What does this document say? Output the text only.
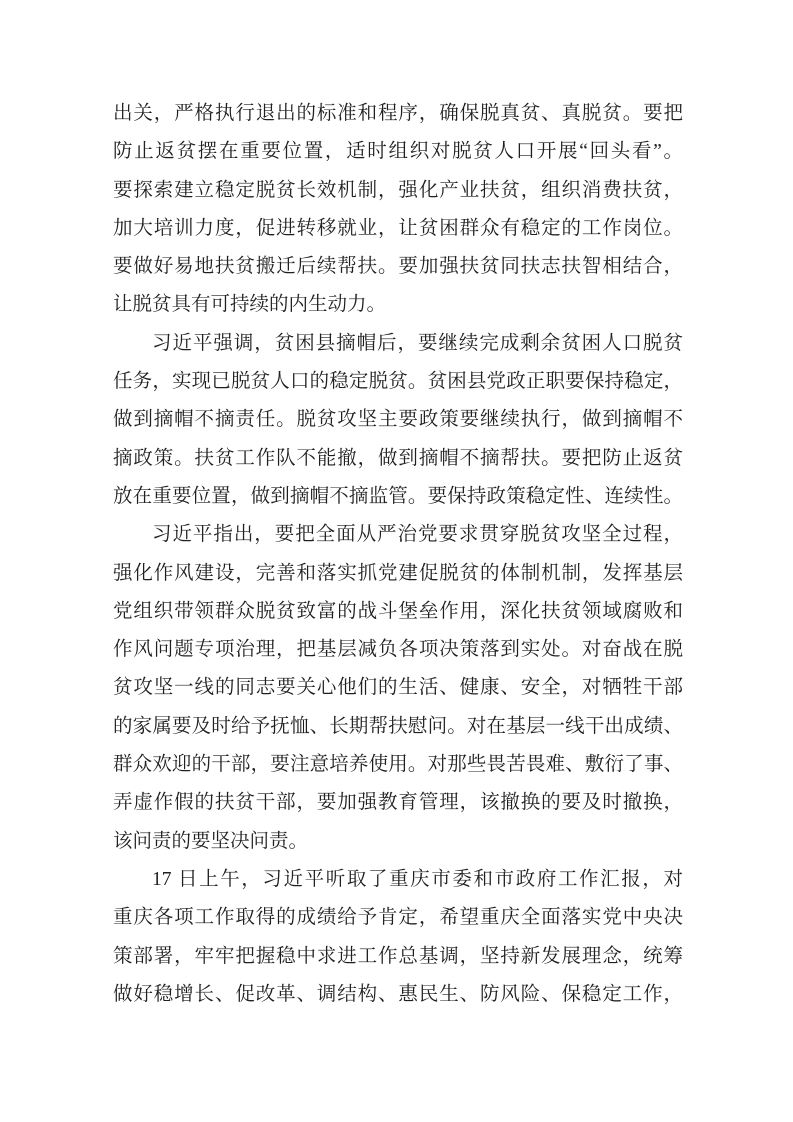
出关，严格执行退出的标准和程序，确保脱真贫、真脱贫。要把
防止返贫摆在重要位置，适时组织对脱贫人口开展“回头看”。
要探索建立稳定脱贫长效机制，强化产业扶贫，组织消费扶贫，
加大培训力度，促进转移就业，让贫困群众有稳定的工作岗位。
要做好易地扶贫搬迁后续帮扶。要加强扶贫同扶志扶智相结合，
让脱贫具有可持续的内生动力。
习近平强调，贫困县摘帽后，要继续完成剩余贫困人口脱贫
任务，实现已脱贫人口的稳定脱贫。贫困县党政正职要保持稳定，
做到摘帽不摘责任。脱贫攻坚主要政策要继续执行，做到摘帽不
摘政策。扶贫工作队不能撤，做到摘帽不摘帮扶。要把防止返贫
放在重要位置，做到摘帽不摘监管。要保持政策稳定性、连续性。
习近平指出，要把全面从严治党要求贯穿脱贫攻坚全过程，
强化作风建设，完善和落实抓党建促脱贫的体制机制，发挥基层
党组织带领群众脱贫致富的战斗堡垒作用，深化扶贫领域腐败和
作风问题专项治理，把基层减负各项决策落到实处。对奋战在脱
贫攻坚一线的同志要关心他们的生活、健康、安全，对牺牲干部
的家属要及时给予抚恤、长期帮扶慰问。对在基层一线干出成绩、
群众欢迎的干部，要注意培养使用。对那些畏苦畏难、敷衍了事、
弄虚作假的扶贫干部，要加强教育管理，该撤换的要及时撤换，
该问责的要坚决问责。
17 日上午，习近平听取了重庆市委和市政府工作汇报，对
重庆各项工作取得的成绩给予肯定，希望重庆全面落实党中央决
策部署，牢牢把握稳中求进工作总基调，坚持新发展理念，统筹
做好稳增长、促改革、调结构、惠民生、防风险、保稳定工作，
